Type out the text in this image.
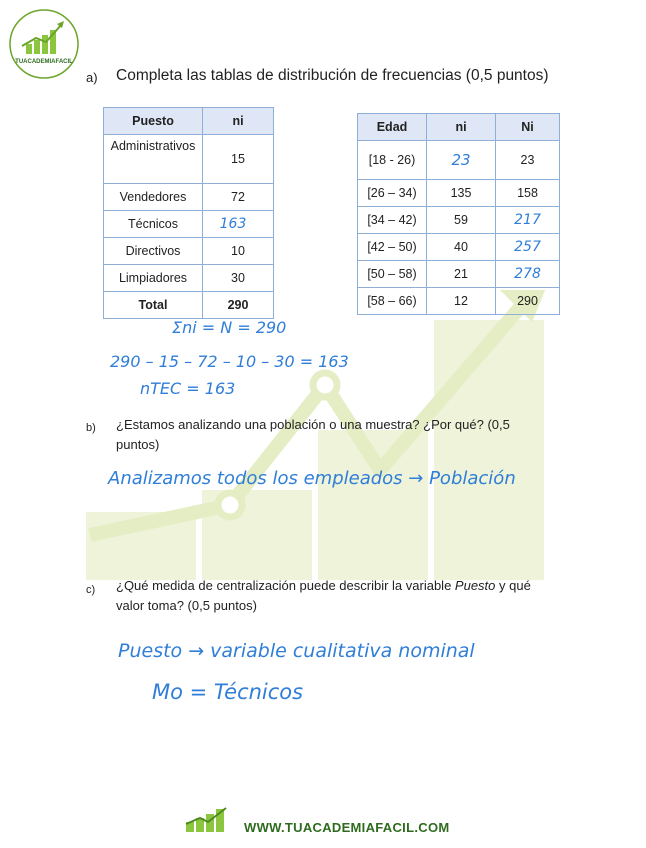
TUACADEMIAFACIL
a) Completa las tablas de distribución de frecuencias (0,5 puntos)
Puesto	ni
Administrativos	15
Vendedores	72
Técnicos	163
Directivos	10
Limpiadores	30
Total	290
Edad	ni	Ni
[18 - 26)	23	23
[26 – 34)	135	158
[34 – 42)	59	217
[42 – 50)	40	257
[50 – 58)	21	278
[58 – 66)	12	290
Σni = N = 290
290 – 15 – 72 – 10 – 30 = 163
nTEC = 163
b) ¿Estamos analizando una población o una muestra? ¿Por qué? (0,5 puntos)
Analizamos todos los empleados → Población
c) ¿Qué medida de centralización puede describir la variable Puesto y qué valor toma? (0,5 puntos)
Puesto → variable cualitativa nominal
Mo = Técnicos
WWW.TUACADEMIAFACIL.COM
